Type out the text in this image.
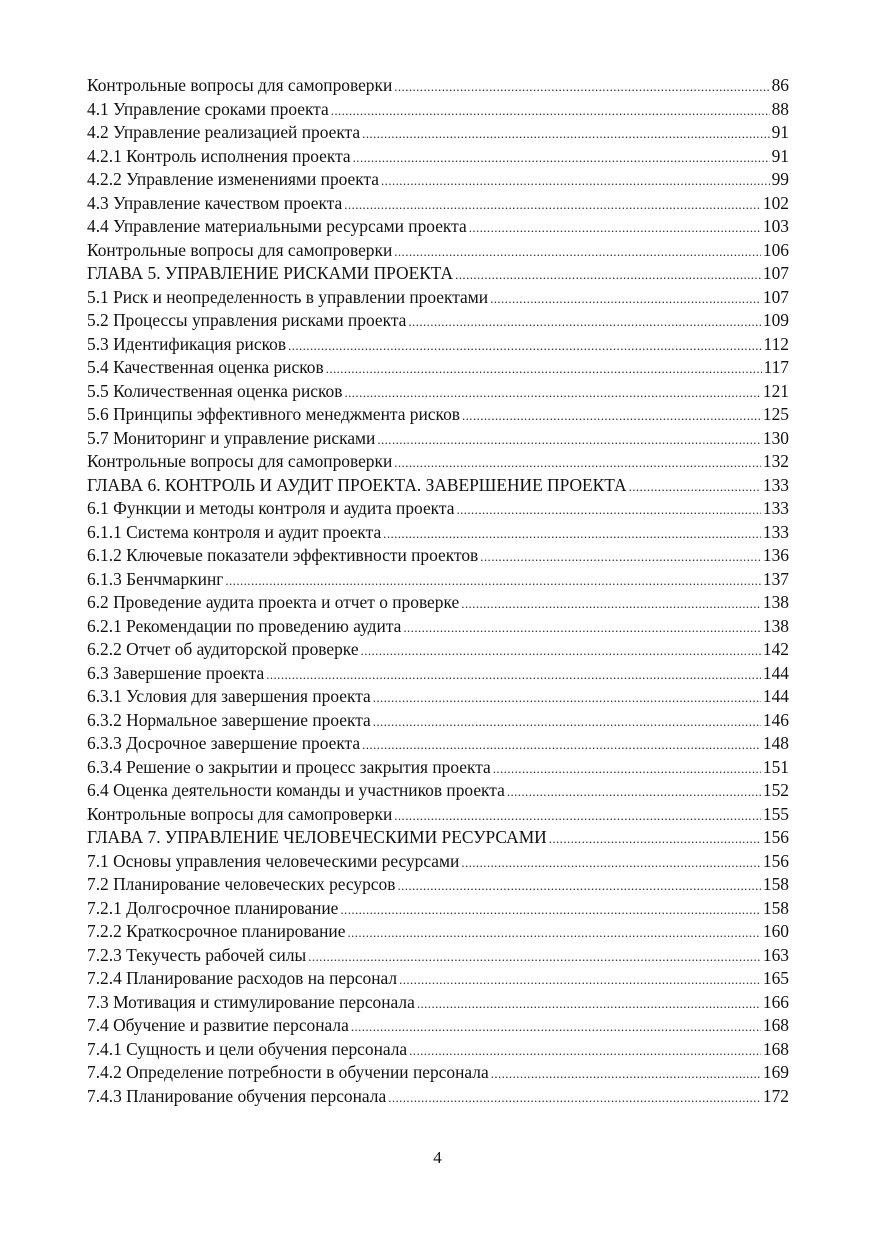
Контрольные вопросы для самопроверки .....	86
4.1 Управление сроками проекта .....	88
4.2 Управление реализацией проекта .....	91
4.2.1 Контроль исполнения проекта .....	91
4.2.2 Управление изменениями проекта .....	99
4.3 Управление качеством проекта .....	102
4.4 Управление материальными ресурсами проекта .....	103
Контрольные вопросы для самопроверки .....	106
ГЛАВА 5. УПРАВЛЕНИЕ РИСКАМИ ПРОЕКТА .....	107
5.1 Риск и неопределенность в управлении проектами .....	107
5.2 Процессы управления рисками проекта .....	109
5.3 Идентификация рисков .....	112
5.4 Качественная оценка рисков .....	117
5.5 Количественная оценка рисков .....	121
5.6 Принципы эффективного менеджмента рисков .....	125
5.7 Мониторинг и управление рисками .....	130
Контрольные вопросы для самопроверки .....	132
ГЛАВА 6. КОНТРОЛЬ И АУДИТ ПРОЕКТА. ЗАВЕРШЕНИЕ ПРОЕКТА .....	133
6.1 Функции и методы контроля и аудита проекта .....	133
6.1.1 Система контроля и аудит проекта .....	133
6.1.2 Ключевые показатели эффективности проектов .....	136
6.1.3 Бенчмаркинг .....	137
6.2 Проведение аудита проекта и отчет о проверке .....	138
6.2.1 Рекомендации по проведению аудита .....	138
6.2.2 Отчет об аудиторской проверке .....	142
6.3 Завершение проекта .....	144
6.3.1 Условия для завершения проекта .....	144
6.3.2 Нормальное завершение проекта .....	146
6.3.3 Досрочное завершение проекта .....	148
6.3.4 Решение о закрытии и процесс закрытия проекта .....	151
6.4 Оценка деятельности команды и участников проекта .....	152
Контрольные вопросы для самопроверки .....	155
ГЛАВА 7. УПРАВЛЕНИЕ ЧЕЛОВЕЧЕСКИМИ РЕСУРСАМИ .....	156
7.1 Основы управления человеческими ресурсами .....	156
7.2 Планирование человеческих ресурсов .....	158
7.2.1 Долгосрочное планирование .....	158
7.2.2 Краткосрочное планирование .....	160
7.2.3 Текучесть рабочей силы .....	163
7.2.4 Планирование расходов на персонал .....	165
7.3 Мотивация и стимулирование персонала .....	166
7.4 Обучение и развитие персонала .....	168
7.4.1 Сущность и цели обучения персонала .....	168
7.4.2 Определение потребности в обучении персонала .....	169
7.4.3 Планирование обучения персонала .....	172
4
